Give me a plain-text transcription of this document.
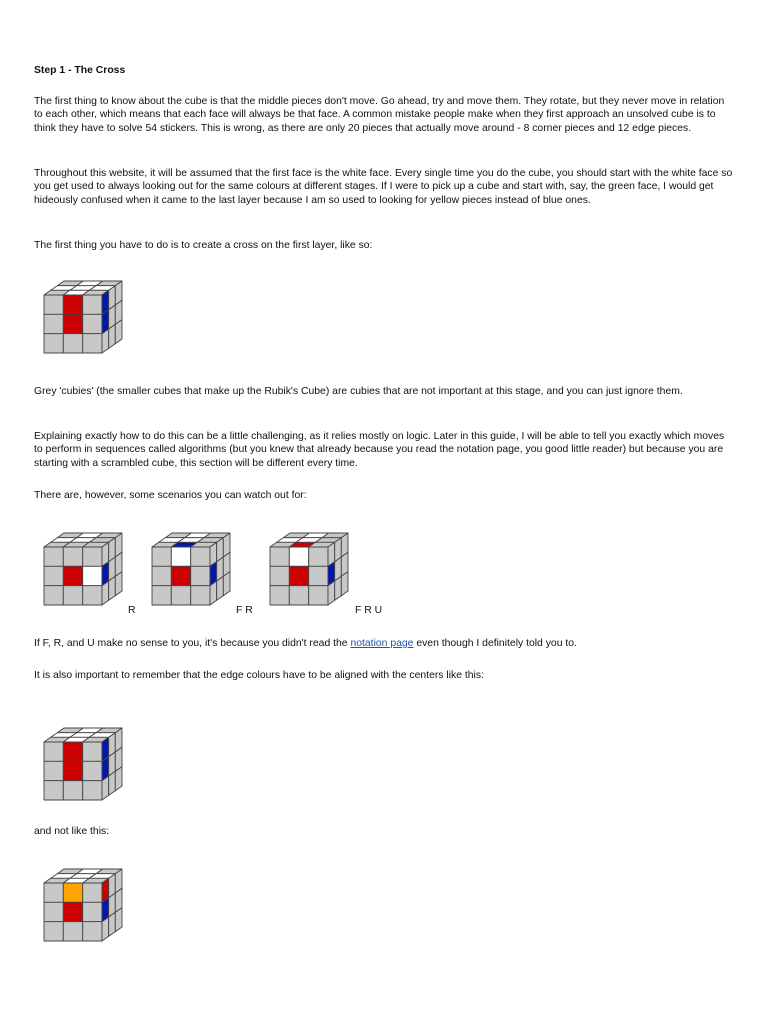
Step 1 - The Cross

The first thing to know about the cube is that the middle pieces don't move. Go ahead, try and move them. They rotate, but they never move in relation to each other, which means that each face will always be that face. A common mistake people make when they first approach an unsolved cube is to think they have to solve 54 stickers. This is wrong, as there are only 20 pieces that actually move around - 8 corner pieces and 12 edge pieces.

Throughout this website, it will be assumed that the first face is the white face. Every single time you do the cube, you should start with the white face so you get used to always looking out for the same colours at different stages. If I were to pick up a cube and start with, say, the green face, I would get hideously confused when it came to the last layer because I am so used to looking for yellow pieces instead of blue ones.

The first thing you have to do is to create a cross on the first layer, like so:

Grey 'cubies' (the smaller cubes that make up the Rubik's Cube) are cubies that are not important at this stage, and you can just ignore them.

Explaining exactly how to do this can be a little challenging, as it relies mostly on logic. Later in this guide, I will be able to tell you exactly which moves to perform in sequences called algorithms (but you knew that already because you read the notation page, you good little reader) but because you are starting with a scrambled cube, this section will be different every time.

There are, however, some scenarios you can watch out for:

R	F R	F R U

If F, R, and U make no sense to you, it's because you didn't read the notation page even though I definitely told you to.

It is also important to remember that the edge colours have to be aligned with the centers like this:

and not like this:
